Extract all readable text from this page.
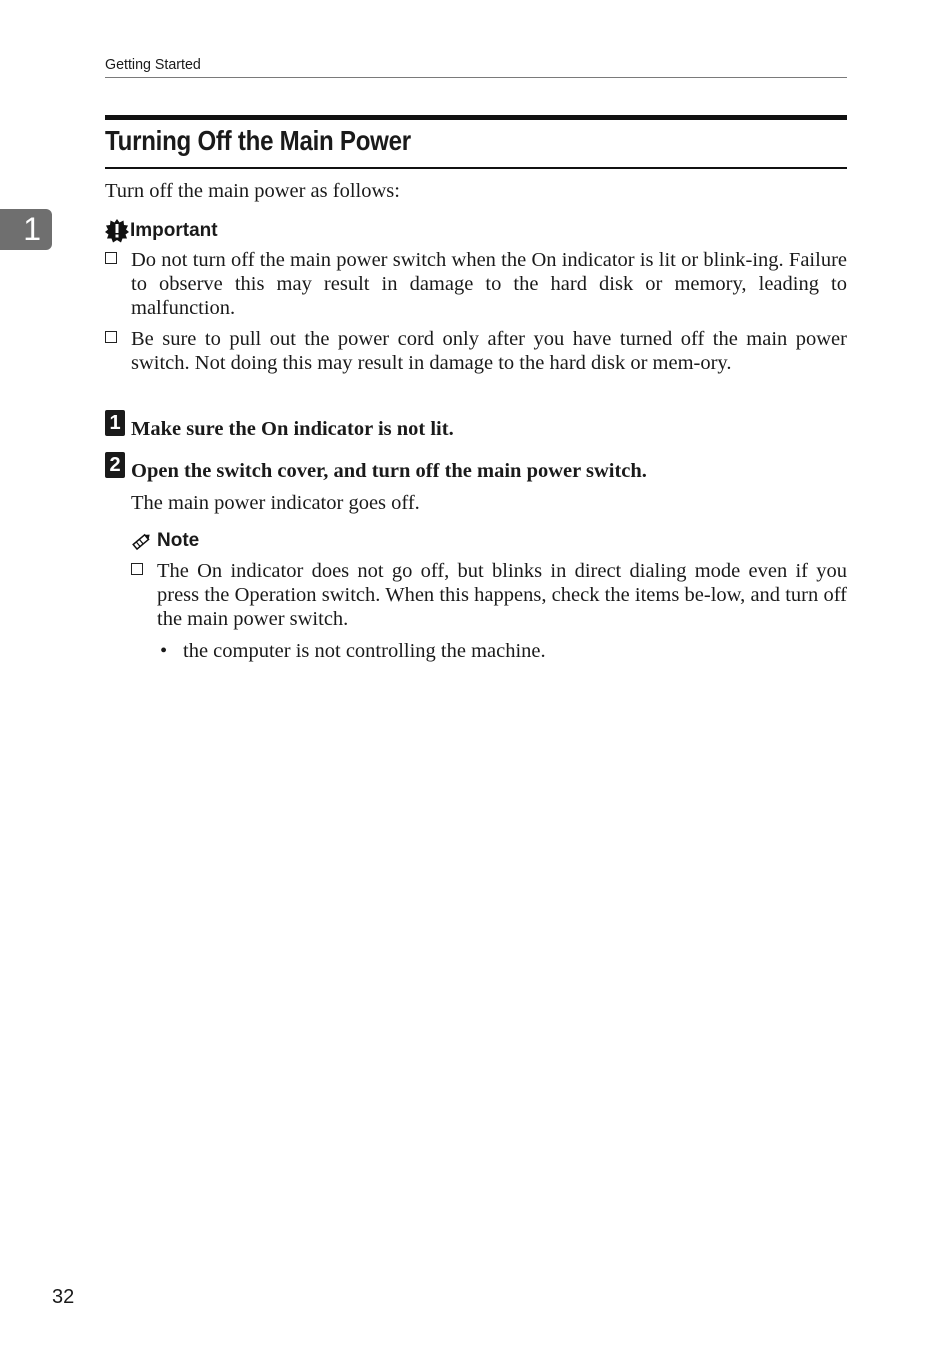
Getting Started
1
Turning Off the Main Power
Turn off the main power as follows:
Important
Do not turn off the main power switch when the On indicator is lit or blink-ing. Failure to observe this may result in damage to the hard disk or memory, leading to malfunction.
Be sure to pull out the power cord only after you have turned off the main power switch. Not doing this may result in damage to the hard disk or mem-ory.
1 Make sure the On indicator is not lit.
2 Open the switch cover, and turn off the main power switch.
The main power indicator goes off.
Note
The On indicator does not go off, but blinks in direct dialing mode even if you press the Operation switch. When this happens, check the items be-low, and turn off the main power switch.
• the computer is not controlling the machine.
32
